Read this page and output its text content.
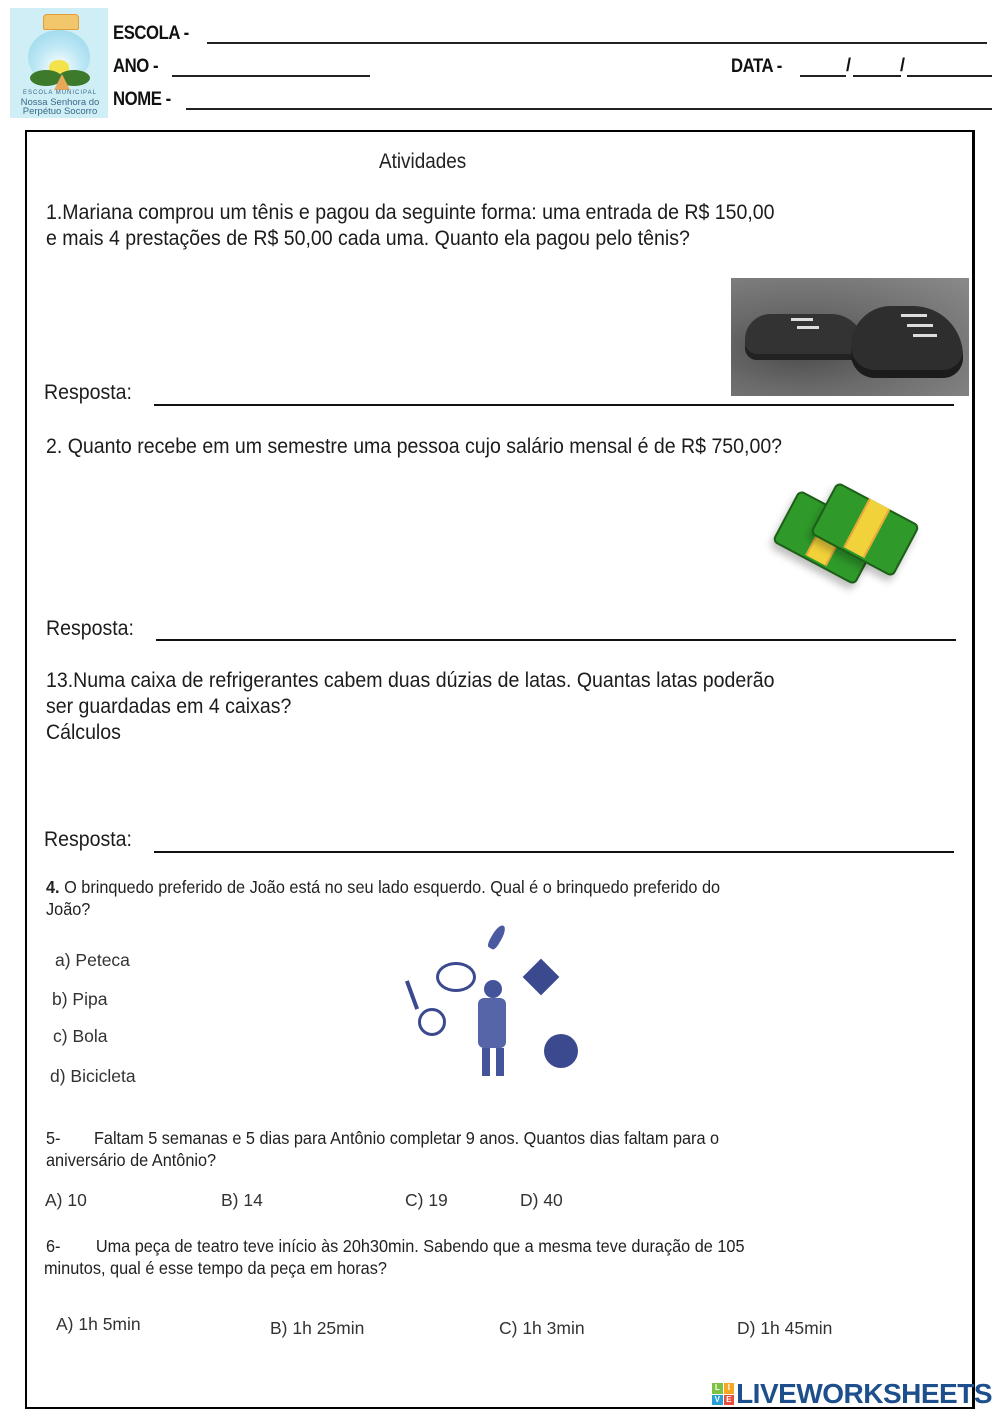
ESCOLA MUNICIPAL
Nossa Senhora do
Perpétuo Socorro
ESCOLA -
ANO -	DATA -	/	/
NOME -
Atividades
1.Mariana comprou um tênis e pagou da seguinte forma: uma entrada de R$ 150,00
e mais 4 prestações de R$ 50,00 cada uma. Quanto ela pagou pelo tênis?
Resposta:
2. Quanto recebe em um semestre uma pessoa cujo salário mensal é de R$ 750,00?
Resposta:
13.Numa caixa de refrigerantes cabem duas dúzias de latas. Quantas latas poderão
ser guardadas em 4 caixas?
Cálculos
Resposta:
4. O brinquedo preferido de João está no seu lado esquerdo. Qual é o brinquedo preferido do
João?
a) Peteca
b) Pipa
c) Bola
d) Bicicleta
5- Faltam 5 semanas e 5 dias para Antônio completar 9 anos. Quantos dias faltam para o
aniversário de Antônio?
A) 10	B) 14	C) 19	D) 40
6- Uma peça de teatro teve início às 20h30min. Sabendo que a mesma teve duração de 105
minutos, qual é esse tempo da peça em horas?
A) 1h 5min	B) 1h 25min	C) 1h 3min	D) 1h 45min
L I
V E LIVEWORKSHEETS
